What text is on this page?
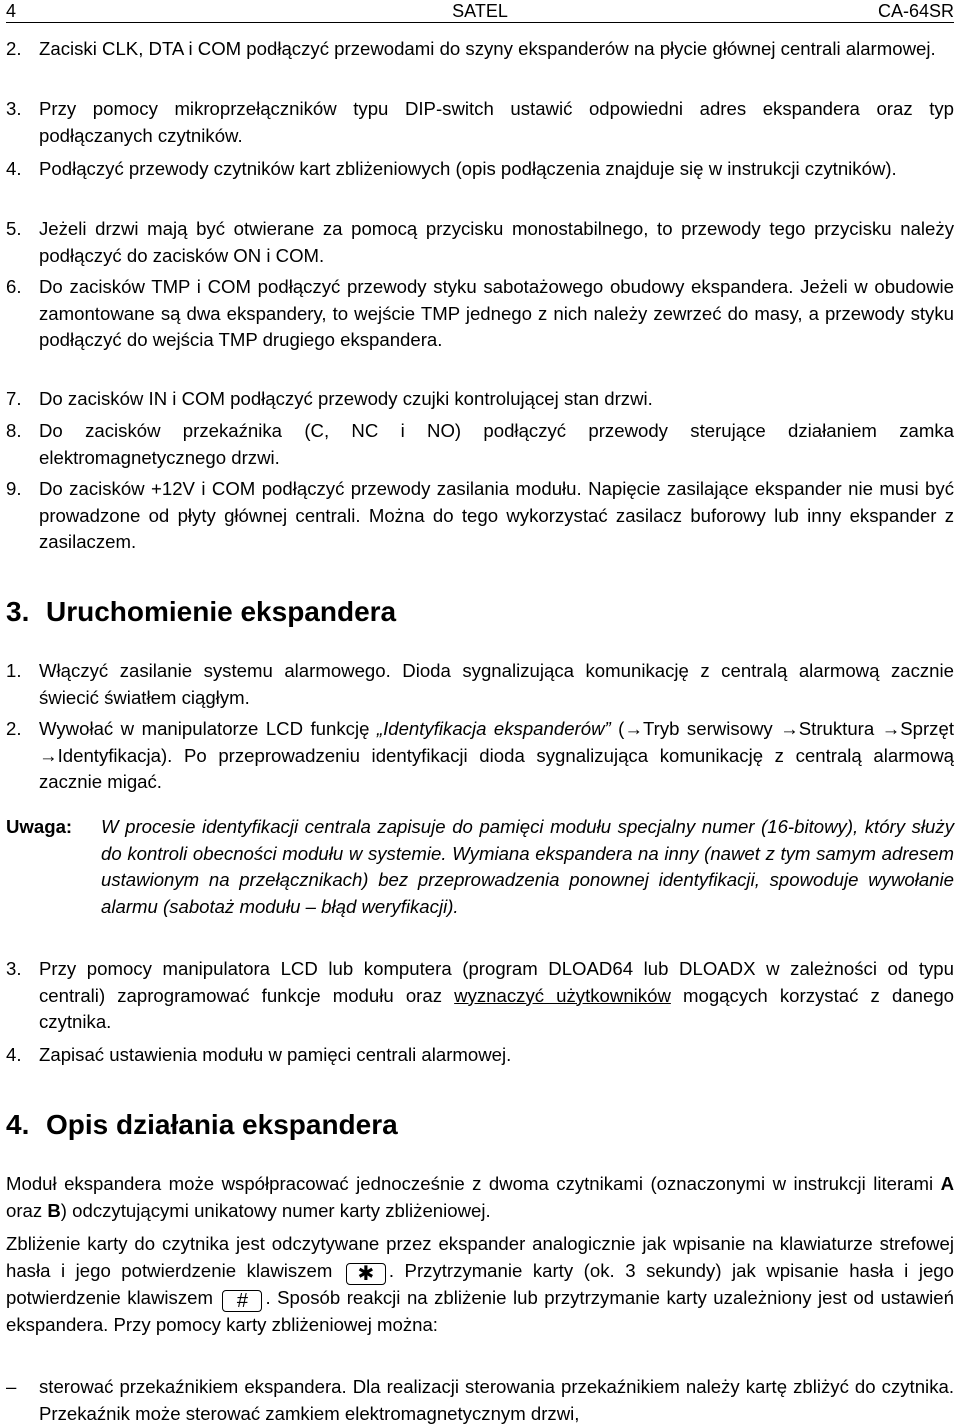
4	SATEL	CA-64SR
2. Zaciski CLK, DTA i COM podłączyć przewodami do szyny ekspanderów na płycie głównej centrali alarmowej.
3. Przy pomocy mikroprzełączników typu DIP-switch ustawić odpowiedni adres ekspandera oraz typ podłączanych czytników.
4. Podłączyć przewody czytników kart zbliżeniowych (opis podłączenia znajduje się w instrukcji czytników).
5. Jeżeli drzwi mają być otwierane za pomocą przycisku monostabilnego, to przewody tego przycisku należy podłączyć do zacisków ON i COM.
6. Do zacisków TMP i COM podłączyć przewody styku sabotażowego obudowy ekspandera. Jeżeli w obudowie zamontowane są dwa ekspandery, to wejście TMP jednego z nich należy zewrzeć do masy, a przewody styku podłączyć do wejścia TMP drugiego ekspandera.
7. Do zacisków IN i COM podłączyć przewody czujki kontrolującej stan drzwi.
8. Do zacisków przekaźnika (C, NC i NO) podłączyć przewody sterujące działaniem zamka elektromagnetycznego drzwi.
9. Do zacisków +12V i COM podłączyć przewody zasilania modułu. Napięcie zasilające ekspander nie musi być prowadzone od płyty głównej centrali. Można do tego wykorzystać zasilacz buforowy lub inny ekspander z zasilaczem.
3. Uruchomienie ekspandera
1. Włączyć zasilanie systemu alarmowego. Dioda sygnalizująca komunikację z centralą alarmową zacznie świecić światłem ciągłym.
2. Wywołać w manipulatorze LCD funkcję „Identyfikacja ekspanderów” (→Tryb serwisowy →Struktura →Sprzęt →Identyfikacja). Po przeprowadzeniu identyfikacji dioda sygnalizująca komunikację z centralą alarmową zacznie migać.
Uwaga: W procesie identyfikacji centrala zapisuje do pamięci modułu specjalny numer (16-bitowy), który służy do kontroli obecności modułu w systemie. Wymiana ekspandera na inny (nawet z tym samym adresem ustawionym na przełącznikach) bez przeprowadzenia ponownej identyfikacji, spowoduje wywołanie alarmu (sabotaż modułu – błąd weryfikacji).
3. Przy pomocy manipulatora LCD lub komputera (program DLOAD64 lub DLOADX w zależności od typu centrali) zaprogramować funkcje modułu oraz wyznaczyć użytkowników mogących korzystać z danego czytnika.
4. Zapisać ustawienia modułu w pamięci centrali alarmowej.
4. Opis działania ekspandera
Moduł ekspandera może współpracować jednocześnie z dwoma czytnikami (oznaczonymi w instrukcji literami A oraz B) odczytującymi unikatowy numer karty zbliżeniowej.
Zbliżenie karty do czytnika jest odczytywane przez ekspander analogicznie jak wpisanie na klawiaturze strefowej hasła i jego potwierdzenie klawiszem ✱ . Przytrzymanie karty (ok. 3 sekundy) jak wpisanie hasła i jego potwierdzenie klawiszem # . Sposób reakcji na zbliżenie lub przytrzymanie karty uzależniony jest od ustawień ekspandera. Przy pomocy karty zbliżeniowej można:
– sterować przekaźnikiem ekspandera. Dla realizacji sterowania przekaźnikiem należy kartę zbliżyć do czytnika. Przekaźnik może sterować zamkiem elektromagnetycznym drzwi,
